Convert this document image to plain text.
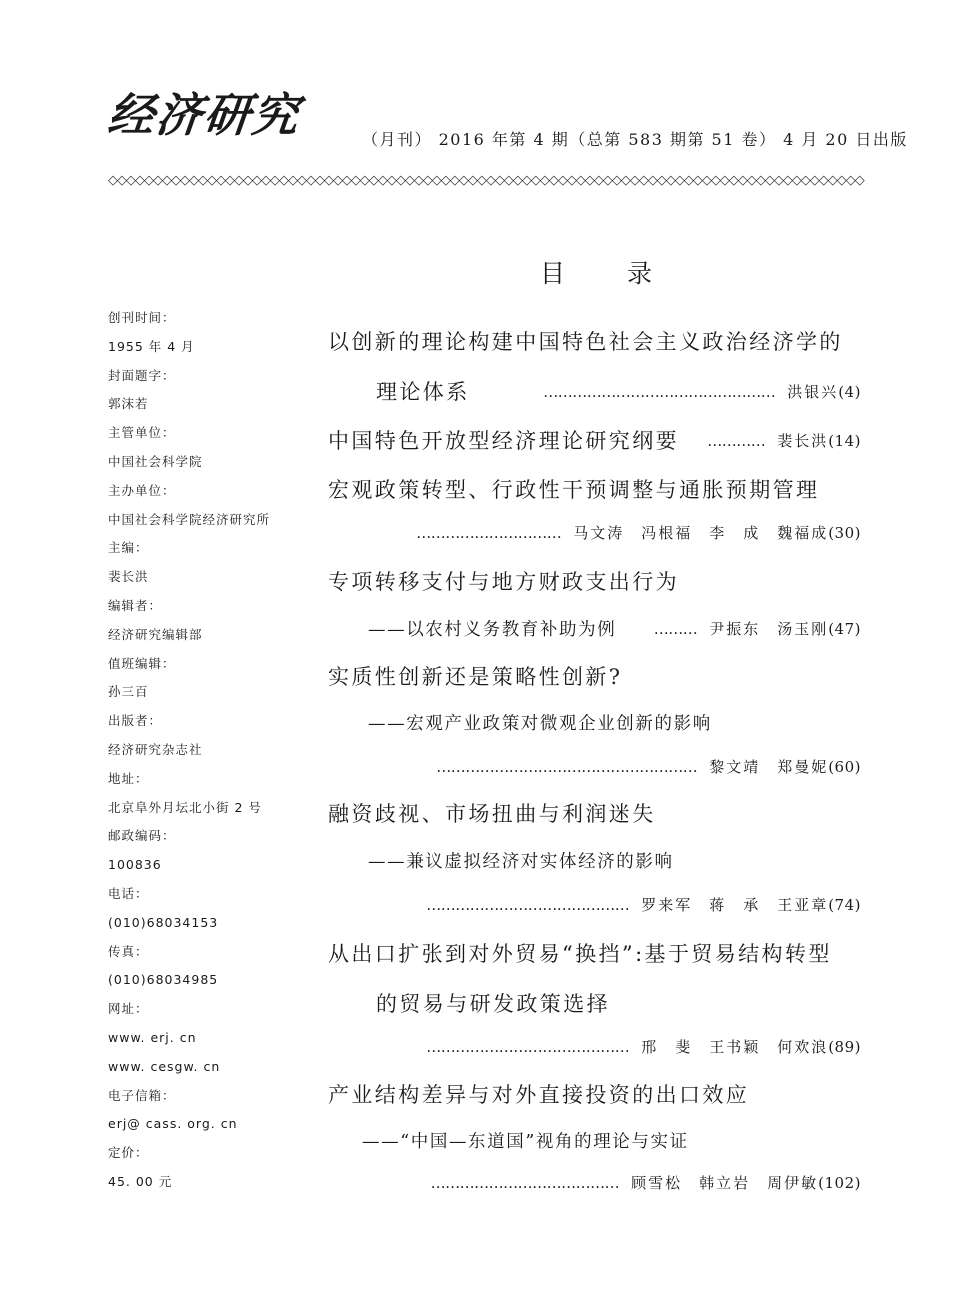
经济研究	（月刊） 2016 年第 4 期（总第 583 期第 51 卷） 4 月 20 日出版
◇◇◇◇◇◇◇◇◇◇◇◇◇◇◇◇◇◇◇◇◇◇◇◇◇◇◇◇◇◇◇◇◇◇◇◇◇◇◇◇◇◇◇◇◇◇◇◇◇◇◇◇◇◇◇◇◇◇◇◇◇◇◇◇◇◇◇◇◇◇◇◇◇◇◇◇◇◇◇◇◇◇◇◇
目录
创刊时间：
1955 年 4 月
封面题字：
郭沫若
主管单位：
中国社会科学院
主办单位：
中国社会科学院经济研究所
主编：
裴长洪
编辑者：
经济研究编辑部
值班编辑：
孙三百
出版者：
经济研究杂志社
地址：
北京阜外月坛北小街 2 号
邮政编码：
100836
电话：
(010)68034153
传真：
(010)68034985
网址：
www. erj. cn
www. cesgw. cn
电子信箱：
erj@ cass. org. cn
定价：
45. 00 元
以创新的理论构建中国特色社会主义政治经济学的
理论体系	………………………………………… 洪银兴 (4)
中国特色开放型经济理论研究纲要 ………… 裴长洪 (14)
宏观政策转型、行政性干预调整与通胀预期管理
………………………… 马文涛　冯根福　李　成　魏福成 (30)
专项转移支付与地方财政支出行为
——以农村义务教育补助为例 ……… 尹振东　汤玉刚 (47)
实质性创新还是策略性创新?
——宏观产业政策对微观企业创新的影响
……………………………………………… 黎文靖　郑曼妮 (60)
融资歧视、市场扭曲与利润迷失
——兼议虚拟经济对实体经济的影响
…………………………………… 罗来军　蒋　承　王亚章 (74)
从出口扩张到对外贸易“换挡”:基于贸易结构转型
的贸易与研发政策选择
…………………………………… 邢　斐　王书颖　何欢浪 (89)
产业结构差异与对外直接投资的出口效应
——“中国—东道国”视角的理论与实证
………………………………… 顾雪松　韩立岩　周伊敏 (102)
